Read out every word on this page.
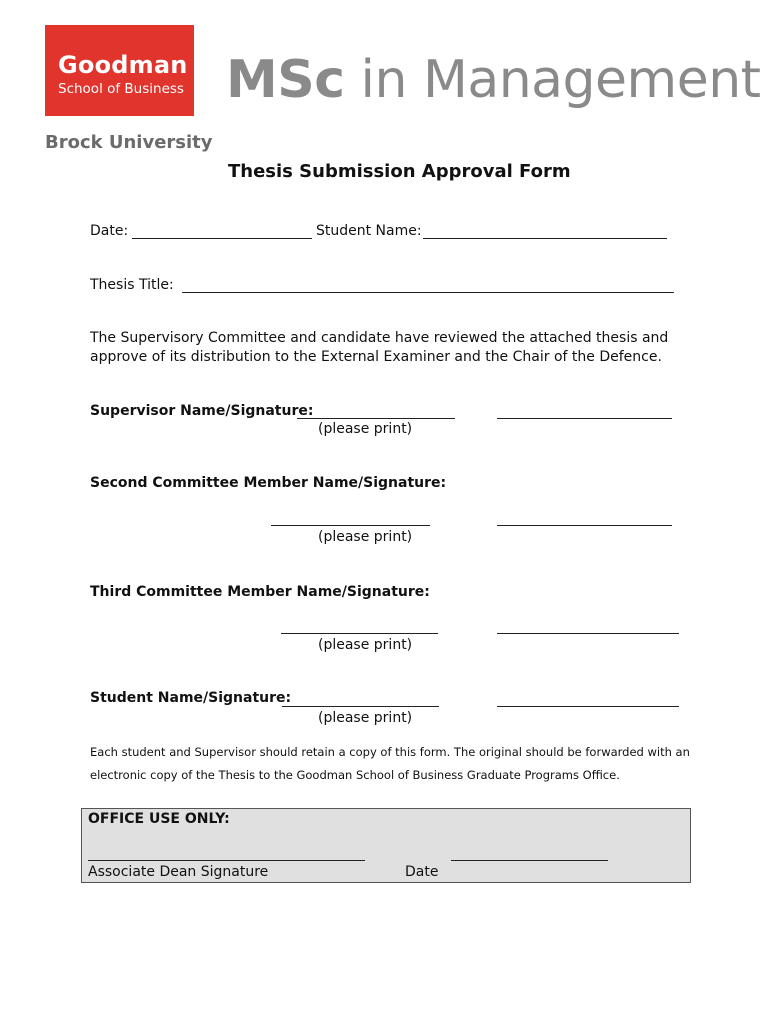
Goodman
School of Business
Brock University
MSc in Management
Thesis Submission Approval Form
Date:	Student Name:
Thesis Title:
The Supervisory Committee and candidate have reviewed the attached thesis and
approve of its distribution to the External Examiner and the Chair of the Defence.
Supervisor Name/Signature:
(please print)
Second Committee Member Name/Signature:
(please print)
Third Committee Member Name/Signature:
(please print)
Student Name/Signature:
(please print)
Each student and Supervisor should retain a copy of this form. The original should be forwarded with an
electronic copy of the Thesis to the Goodman School of Business Graduate Programs Office.
OFFICE USE ONLY:
Associate Dean Signature	Date
